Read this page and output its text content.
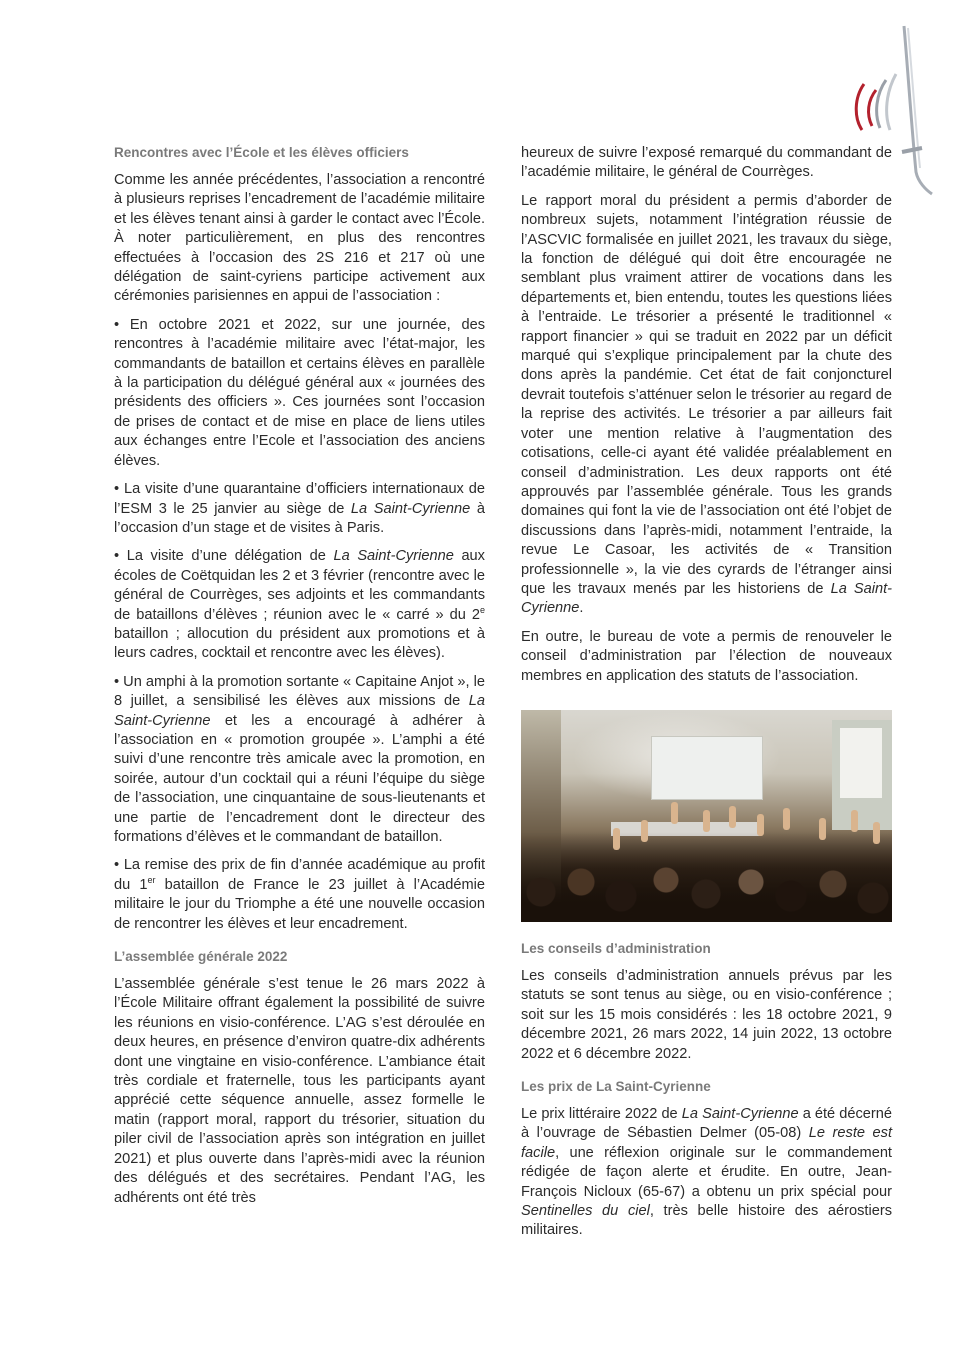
Rencontres avec l’École et les élèves officiers

Comme les année précédentes, l’association a rencontré à plusieurs reprises l’encadrement de l’académie militaire et les élèves tenant ainsi à garder le contact avec l’École. À noter particulièrement, en plus des rencontres effectuées à l’occasion des 2S 216 et 217 où une délégation de saint-cyriens participe activement aux cérémonies parisiennes en appui de l’association :

• En octobre 2021 et 2022, sur une journée, des rencontres à l’académie militaire avec l’état-major, les commandants de bataillon et certains élèves en parallèle à la participation du délégué général aux « journées des présidents des officiers ». Ces journées sont l’occasion de prises de contact et de mise en place de liens utiles aux échanges entre l’Ecole et l’association des anciens élèves.

• La visite d’une quarantaine d’officiers internationaux de l’ESM 3 le 25 janvier au siège de La Saint-Cyrienne à l’occasion d’un stage et de visites à Paris.

• La visite d’une délégation de La Saint-Cyrienne aux écoles de Coëtquidan les 2 et 3 février (rencontre avec le général de Courrèges, ses adjoints et les commandants de bataillons d’élèves ; réunion avec le « carré » du 2e bataillon ; allocution du président aux promotions et à leurs cadres, cocktail et rencontre avec les élèves).

• Un amphi à la promotion sortante « Capitaine Anjot », le 8 juillet, a sensibilisé les élèves aux missions de La Saint-Cyrienne et les a encouragé à adhérer à l’association en « promotion groupée ». L’amphi a été suivi d’une rencontre très amicale avec la promotion, en soirée, autour d’un cocktail qui a réuni l’équipe du siège de l’association, une cinquantaine de sous-lieutenants et une partie de l’encadrement dont le directeur des formations d’élèves et le commandant de bataillon.

• La remise des prix de fin d’année académique au profit du 1er bataillon de France le 23 juillet à l’Académie militaire le jour du Triomphe a été une nouvelle occasion de rencontrer les élèves et leur encadrement.

L’assemblée générale 2022

L’assemblée générale s’est tenue le 26 mars 2022 à l’École Militaire offrant également la possibilité de suivre les réunions en visio-conférence. L’AG s’est déroulée en deux heures, en présence d’environ quatre-dix adhérents dont une vingtaine en visio-conférence. L’ambiance était très cordiale et fraternelle, tous les participants ayant apprécié cette séquence annuelle, assez formelle le matin (rapport moral, rapport du trésorier, situation du piler civil de l’association après son intégration en juillet 2021) et plus ouverte dans l’après-midi avec la réunion des délégués et des secrétaires. Pendant l’AG, les adhérents ont été très

heureux de suivre l’exposé remarqué du commandant de l’académie militaire, le général de Courrèges.

Le rapport moral du président a permis d’aborder de nombreux sujets, notamment l’intégration réussie de l’ASCVIC formalisée en juillet 2021, les travaux du siège, la fonction de délégué qui doit être encouragée ne semblant plus vraiment attirer de vocations dans les départements et, bien entendu, toutes les questions liées à l’entraide. Le trésorier a présenté le traditionnel « rapport financier » qui se traduit en 2022 par un déficit marqué qui s’explique principalement par la chute des dons après la pandémie. Cet état de fait conjoncturel devrait toutefois s’atténuer selon le trésorier au regard de la reprise des activités. Le trésorier a par ailleurs fait voter une mention relative à l’augmentation des cotisations, celle-ci ayant été validée préalablement en conseil d’administration. Les deux rapports ont été approuvés par l’assemblée générale. Tous les grands domaines qui font la vie de l’association ont été l’objet de discussions dans l’après-midi, notamment l’entraide, la revue Le Casoar, les activités de « Transition professionnelle », la vie des cyrards de l’étranger ainsi que les travaux menés par les historiens de La Saint-Cyrienne.

En outre, le bureau de vote a permis de renouveler le conseil d’administration par l’élection de nouveaux membres en application des statuts de l’association.

Les conseils d’administration

Les conseils d’administration annuels prévus par les statuts se sont tenus au siège, ou en visio-conférence ; soit sur les 15 mois considérés : les 18 octobre 2021, 9 décembre 2021, 26 mars 2022, 14 juin 2022, 13 octobre 2022 et 6 décembre 2022.

Les prix de La Saint-Cyrienne

Le prix littéraire 2022 de La Saint-Cyrienne a été décerné à l’ouvrage de Sébastien Delmer (05-08) Le reste est facile, une réflexion originale sur le commandement rédigée de façon alerte et érudite. En outre, Jean-François Nicloux (65-67) a obtenu un prix spécial pour Sentinelles du ciel, très belle histoire des aérostiers militaires.
